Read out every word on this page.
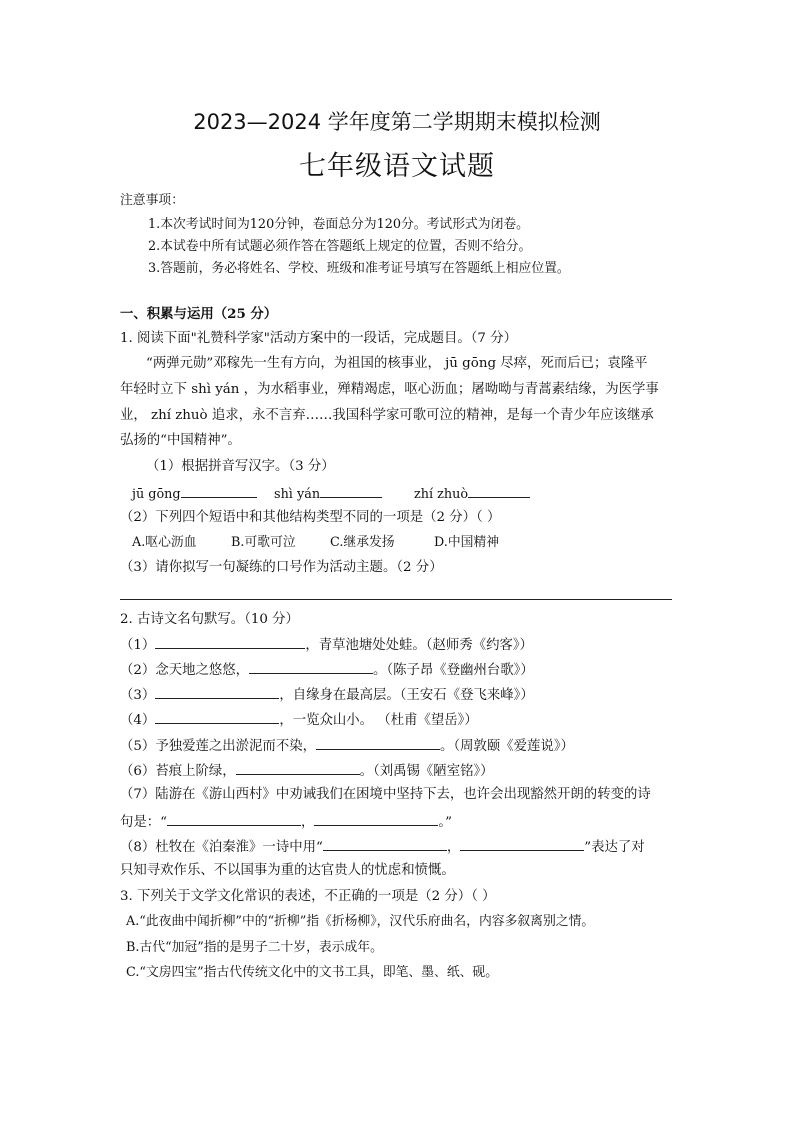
2023—2024 学年度第二学期期末模拟检测
七年级语文试题
注意事项：
1.本次考试时间为120分钟，卷面总分为120分。考试形式为闭卷。
2.本试卷中所有试题必须作答在答题纸上规定的位置，否则不给分。
3.答题前，务必将姓名、学校、班级和准考证号填写在答题纸上相应位置。
一、积累与运用（25 分）
1. 阅读下面"礼赞科学家"活动方案中的一段话，完成题目。（7 分）
“两弹元勋”邓稼先一生有方向，为祖国的核事业， jū gōng 尽瘁，死而后已；袁隆平
年轻时立下 shì yán ，为水稻事业，殚精竭虑，呕心沥血；屠呦呦与青蒿素结缘，为医学事
业， zhí zhuò 追求，永不言弃……我国科学家可歌可泣的精神，是每一个青少年应该继承
弘扬的“中国精神”。
（1）根据拼音写汉字。（3 分）
jū gōng	shì yán	zhí zhuò
（2）下列四个短语中和其他结构类型不同的一项是（2 分）（ ）
A.呕心沥血	B.可歌可泣	C.继承发扬	D.中国精神
（3）请你拟写一句凝练的口号作为活动主题。（2 分）
2. 古诗文名句默写。（10 分）
（1）	，青草池塘处处蛙。（赵师秀《约客》）
（2）念天地之悠悠，	。（陈子昂《登幽州台歌》）
（3）	，自缘身在最高层。（王安石《登飞来峰》）
（4）	，一览众山小。 （杜甫《望岳》）
（5）予独爱莲之出淤泥而不染，	。（周敦颐《爱莲说》）
（6）苔痕上阶绿，	。（刘禹锡《陋室铭》）
（7）陆游在《游山西村》中劝诫我们在困境中坚持下去，也许会出现豁然开朗的转变的诗
句是：“	，	。”
（8）杜牧在《泊秦淮》一诗中用“	，	”表达了对
只知寻欢作乐、不以国事为重的达官贵人的忧虑和愤慨。
3. 下列关于文学文化常识的表述，不正确的一项是（2 分）（ ）
A.“此夜曲中闻折柳”中的“折柳”指《折杨柳》，汉代乐府曲名，内容多叙离别之情。
B.古代“加冠”指的是男子二十岁，表示成年。
C.“文房四宝”指古代传统文化中的文书工具，即笔、墨、纸、砚。
